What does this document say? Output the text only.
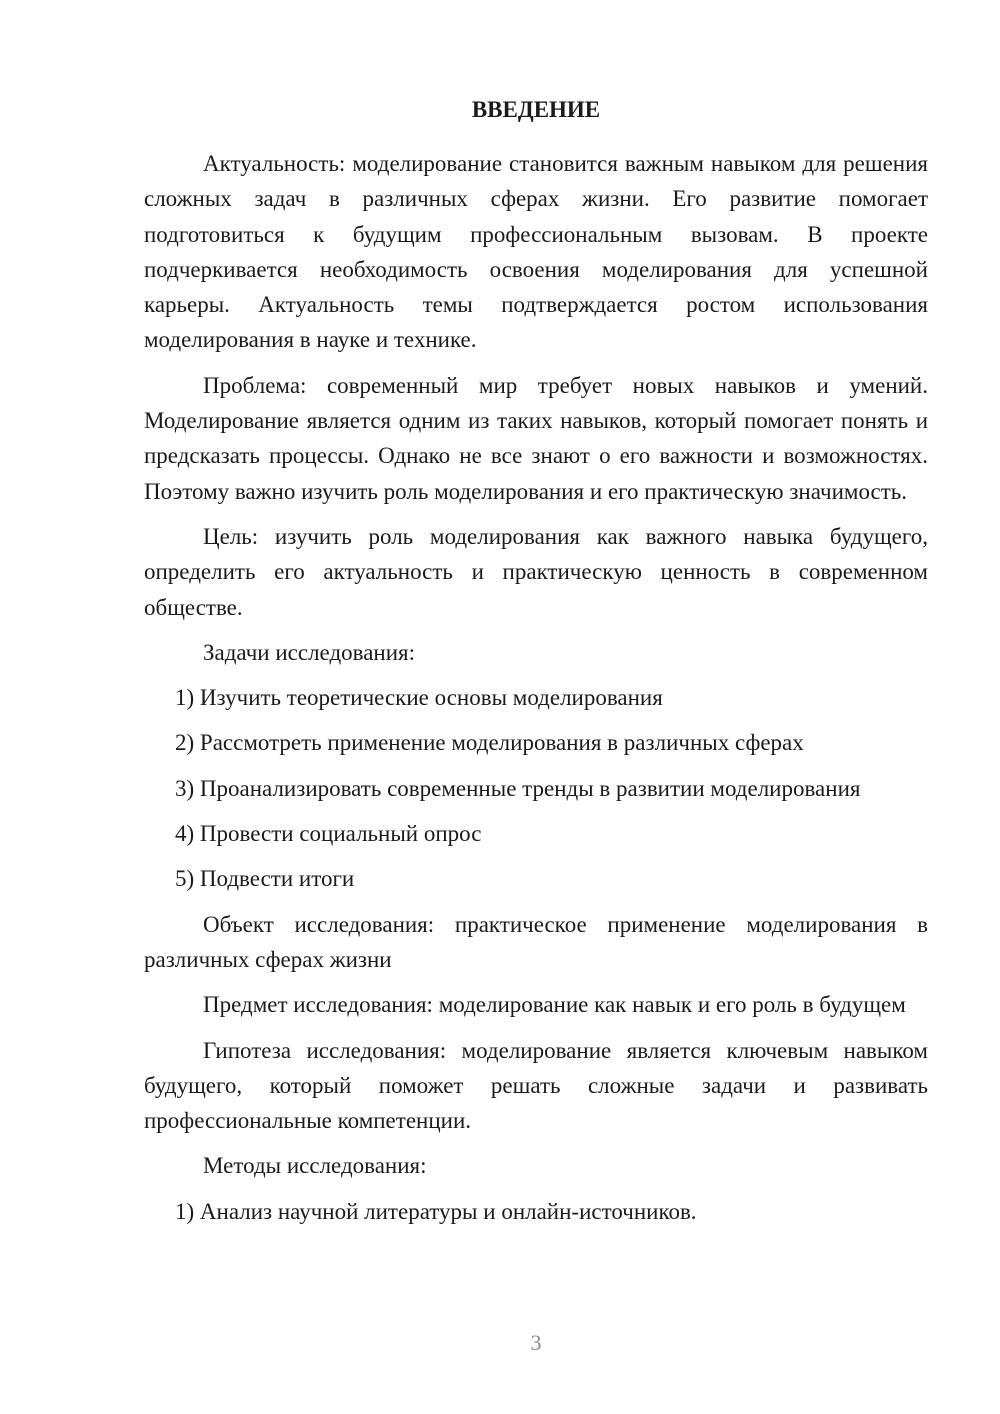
ВВЕДЕНИЕ

Актуальность: моделирование становится важным навыком для решения сложных задач в различных сферах жизни. Его развитие помогает подготовиться к будущим профессиональным вызовам. В проекте подчеркивается необходимость освоения моделирования для успешной карьеры. Актуальность темы подтверждается ростом использования моделирования в науке и технике.

Проблема: современный мир требует новых навыков и умений. Моделирование является одним из таких навыков, который помогает понять и предсказать процессы. Однако не все знают о его важности и возможностях. Поэтому важно изучить роль моделирования и его практическую значимость.

Цель: изучить роль моделирования как важного навыка будущего, определить его актуальность и практическую ценность в современном обществе.

Задачи исследования:

1) Изучить теоретические основы моделирования

2) Рассмотреть применение моделирования в различных сферах

3) Проанализировать современные тренды в развитии моделирования

4) Провести социальный опрос

5) Подвести итоги

Объект исследования: практическое применение моделирования в различных сферах жизни

Предмет исследования: моделирование как навык и его роль в будущем

Гипотеза исследования: моделирование является ключевым навыком будущего, который поможет решать сложные задачи и развивать профессиональные компетенции.

Методы исследования:

1) Анализ научной литературы и онлайн-источников.

3
